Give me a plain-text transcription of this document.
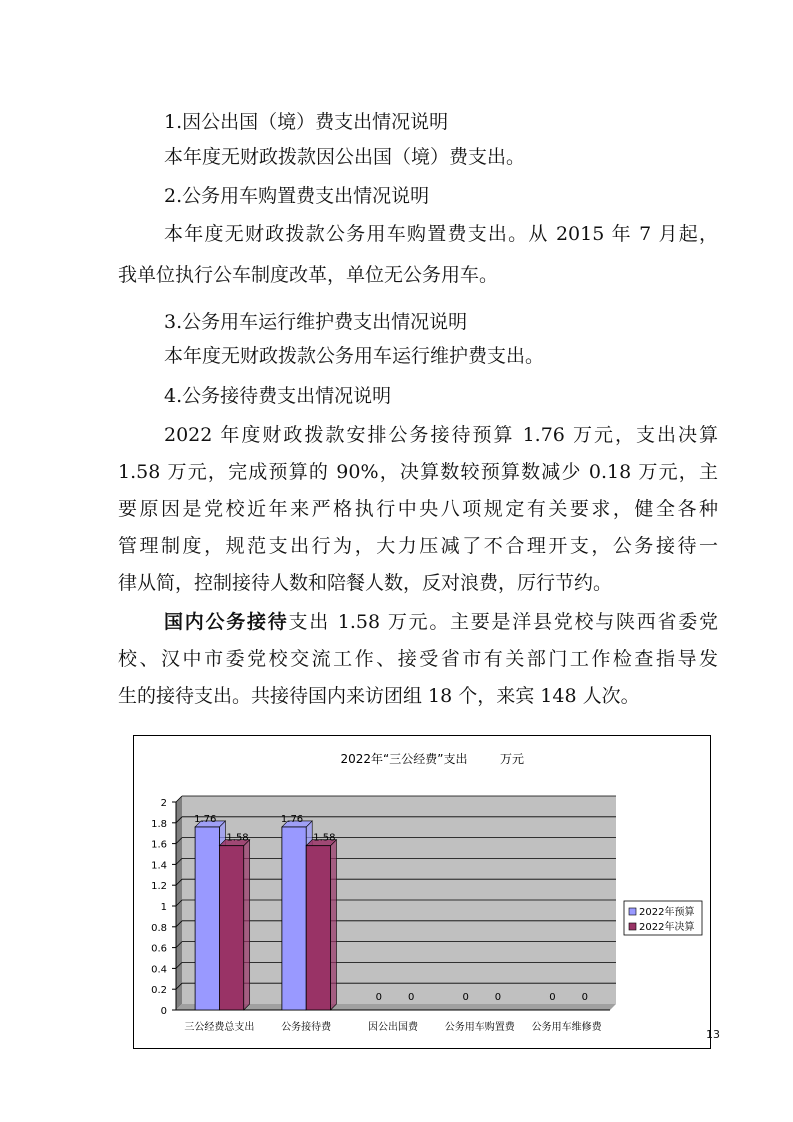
1.因公出国（境）费支出情况说明
本年度无财政拨款因公出国（境）费支出。
2.公务用车购置费支出情况说明
本年度无财政拨款公务用车购置费支出。从 2015 年 7 月起，
我单位执行公车制度改革，单位无公务用车。
3.公务用车运行维护费支出情况说明
本年度无财政拨款公务用车运行维护费支出。
4.公务接待费支出情况说明
2022 年度财政拨款安排公务接待预算 1.76 万元，支出决算
1.58 万元，完成预算的 90%，决算数较预算数减少 0.18 万元，主
要原因是党校近年来严格执行中央八项规定有关要求，健全各种
管理制度，规范支出行为，大力压减了不合理开支，公务接待一
律从简，控制接待人数和陪餐人数，反对浪费，厉行节约。
国内公务接待支出 1.58 万元。主要是洋县党校与陕西省委党
校、汉中市委党校交流工作、接受省市有关部门工作检查指导发
生的接待支出。共接待国内来访团组 18 个，来宾 148 人次。
2022年“三公经费”支出	万元
0
0.2
0.4
0.6
0.8
1
1.2
1.4
1.6
1.8
2
三公经费总支出
1.76
1.58
公务接待费
1.76
1.58
因公出国费
0	0
公务用车购置费
0	0
公务用车维修费
0	0
2022年预算
2022年决算
13
